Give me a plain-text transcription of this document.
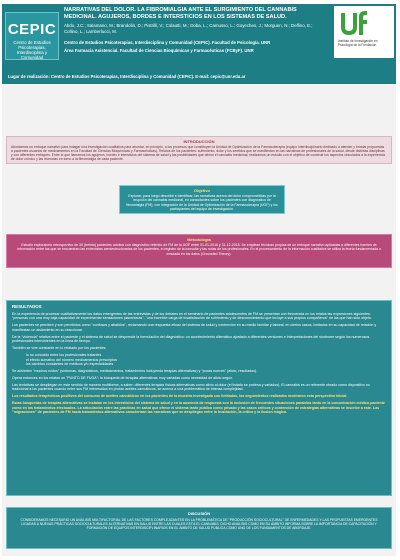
CEPIC
Centro de Estudios Psicoterapias, Interdisciplina y Comunidad
NARRATIVAS DEL DOLOR. LA FIBROMIALGIA ANTE EL SURGIMIENTO DEL CANNABIS MEDICINAL. AGUJEROS, BORDES E INTERSTICIOS EN LOS SISTEMAS DE SALUD.
Abdo, J.C.; Salamano, M.; Brandolin, D.; Pistrilli, V.; Colautti, M.; Doba, L.; Camusso, L.; Goyeches, J.; Morguen, N.; Delfino, E.; Collino, L.; Lamberlucci, M.
Centro de Estudios Psicoterapias, Interdisciplina y Comunidad (CEPIC). Facultad de Psicología. UNR
Área Farmacia Asistencial. Facultad de Ciencias Bioquímicas y Farmacéuticas (FCByF). UNR
Lugar de realización: Centro de Estudios Psicoterapias, Interdisciplina y Comunidad (CEPIC). E-mail: cepic@unr.edu.ar
Instituto de Investigación en Psicología de la Fundación
INTRODUCCIÓN

Abordamos un enfoque narrativo para indagar una investigación cualitativa para abordar, en principio, a los procesos que constituyen la Unidad de Optimización de la Farmacoterapia (equipo interdisciplinario dedicado a atender y brindar propuestas a pacientes usuarios de medicamentos en la Facultad de Ciencias Bioquímicas y Farmacéuticas). Relatos de los pacientes: sufrimiento, dolor y los sentidos que se manifiestan en las narrativas de profesionales de la salud, desde distintas disciplinas y con diferentes enfoques. Entre lo que llamamos los agujeros, bordes e intersticios del sistema de salud y las posibilidades que ofrece el cannabis medicinal, realizamos un estudio con el objetivo de construir los aspectos vinculados a la experiencia de dolor crónico y las vivencias en torno a la fibromialgia de cada paciente.

Objetivo

Explorar, para luego describir e identificar, las narrativas acerca del dolor comprometidas por la irrupción del cannabis medicinal, en consultantes sobre los pacientes con diagnóstico de fibromialgia (FM), con integración de la Unidad de Optimización de la Farmacoterapia (UOF) y los participantes del equipo de investigación.

Metodología

Estudio exploratorio retrospectivo de 30 (treinta) pacientes adultos con diagnóstico referido de FM de la UOF entre 01-01-2016 y 31-12-2018. Se emplean técnicas propias de un enfoque narrativo aplicadas a diferentes fuentes de información entre las que se encuentran las entrevistas semiestructuradas de los pacientes, el registro de la consulta y las notas de los profesionales. En el procesamiento de la información cualitativa se utiliza la teoría fundamentada o emulada en los datos (Grounded Theory).

RESULTADOS

En la experiencia de procesar cualitativamente los datos emergentes de las entrevistas y de los debates en el seminario de pacientes adolescentes de FM se presentan con frecuencia en los relatos las expresiones siguientes: "personas con una muy baja capacidad de experimentar sensaciones placenteras", "una increíble carga de insatisfacción de sufrimiento y de desconocimiento que incluye a sus propios compañeros" de las que han sido objeto.

Los pacientes se perciben y son percibidos como "confusos y abatidos", reclamando una respuesta eficaz del sistema de salud y contención en su medio familiar y laboral, en ciertos casos, limitados en su capacidad de relación y manifiestan un aislamiento en su reaccionar.

De la "violencia" relativa entre el paciente y el sistema de salud se desprende la formulación del diagnóstico: un acontecimiento dilemático ajustado a diferentes versiones e interpretaciones del síndrome según los numerosos profesionales intervinientes en la línea de tiempo.

También se vive constante en lo relatado por los pacientes:

lo no conocido entre los profesionales tratantes
el efecto sumativo del número medicamentos prescriptos
los cambios constantes de médicos y/o especialidades

Se advierten "muchos ruidos" (síntomas, diagnósticos, medicamentos, tratamientos incluyendo terapias alternativas) y "pocas nueces" (alivio, resultados).

Opera entonces en los relatos un "PUNTO DE FUGA": la búsqueda de terapias alternativas muy variadas como necesidad de alivio según.

Las tentativas se despliegan en este sentido de manera multiforme, a saber: diferentes terapias físicas alternativas como alivio al dolor (el listado se profesa y variados). El cannabis es un referente obrado como dispositivo no tradicional a los pacientes cuando entre sus FM interesados en probar aceites cannábicos, se acerca a una problemática de intensa complejidad.

Los resultados terapéuticos positivos del consumo de aceites cannábicos en los pacientes de la muestra investigada son limitados, los seguimientos realizados mostraron esta perspectiva inicial.

Estas búsquedas de terapias alternativas se instalan en los intersticios del sistema de salud y en la ausencia de respuesta con la inclusión de frecuentes situaciones paralelas tanto en la comunicación médico-paciente como en los tratamientos efectuados. La articulación entre las prácticas en salud que ofrece el sistema tanto público como privado y las casos críticos y contención de estrategias alternativas se inscribe a este. Las "migraciones" de pacientes de FM hacia tratamientos alternativos caracterizan las narrativas que se despliegan entre la frustración, la crítica y la ilusión mágica.

DISCUSIÓN

CONSIDERAMOS NECESARIO UN ANÁLISIS MULTIFACTORIAL DE LAS FACTORES COMPLEJIZANTES EN LA PROBLEMÁTICA DE "PRODUCCIÓN SOCIOCULTURAL" DE ENFERMEDADES Y LAS PROPUESTAS EMERGENTES LIGADAS A NUEVAS PRÁCTICAS SOCIOCULTURALES ALTERNATIVAS EN SALUD ENTRE LAS CUALES ESTÁ EL CANNABIS. DICHO ANÁLISIS COMO EN SU ÁMBITO INFORMA SOBRE LA IMPORTANCIA DE CAPACITACIÓN Y FORMACIÓN DE EQUIPOS INTERDISCIPLINARIOS EN EL ÁMBITO DE SALUD PÚBLICA COMO UNO DE LOS FUNDAMENTOS DE ABORDAJE.
